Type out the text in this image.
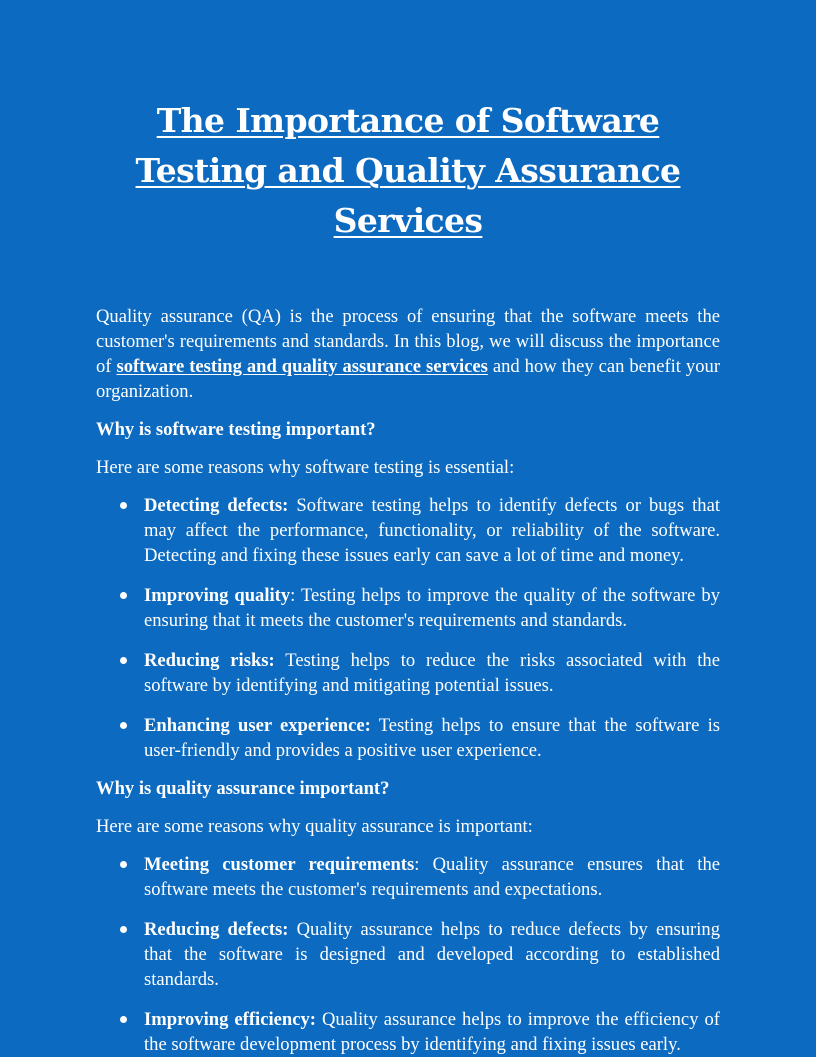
The Importance of Software Testing and Quality Assurance Services

Quality assurance (QA) is the process of ensuring that the software meets the customer's requirements and standards. In this blog, we will discuss the importance of software testing and quality assurance services and how they can benefit your organization.

Why is software testing important?

Here are some reasons why software testing is essential:

Detecting defects: Software testing helps to identify defects or bugs that may affect the performance, functionality, or reliability of the software. Detecting and fixing these issues early can save a lot of time and money.
Improving quality: Testing helps to improve the quality of the software by ensuring that it meets the customer's requirements and standards.
Reducing risks: Testing helps to reduce the risks associated with the software by identifying and mitigating potential issues.
Enhancing user experience: Testing helps to ensure that the software is user-friendly and provides a positive user experience.

Why is quality assurance important?

Here are some reasons why quality assurance is important:

Meeting customer requirements: Quality assurance ensures that the software meets the customer's requirements and expectations.
Reducing defects: Quality assurance helps to reduce defects by ensuring that the software is designed and developed according to established standards.
Improving efficiency: Quality assurance helps to improve the efficiency of the software development process by identifying and fixing issues early.
